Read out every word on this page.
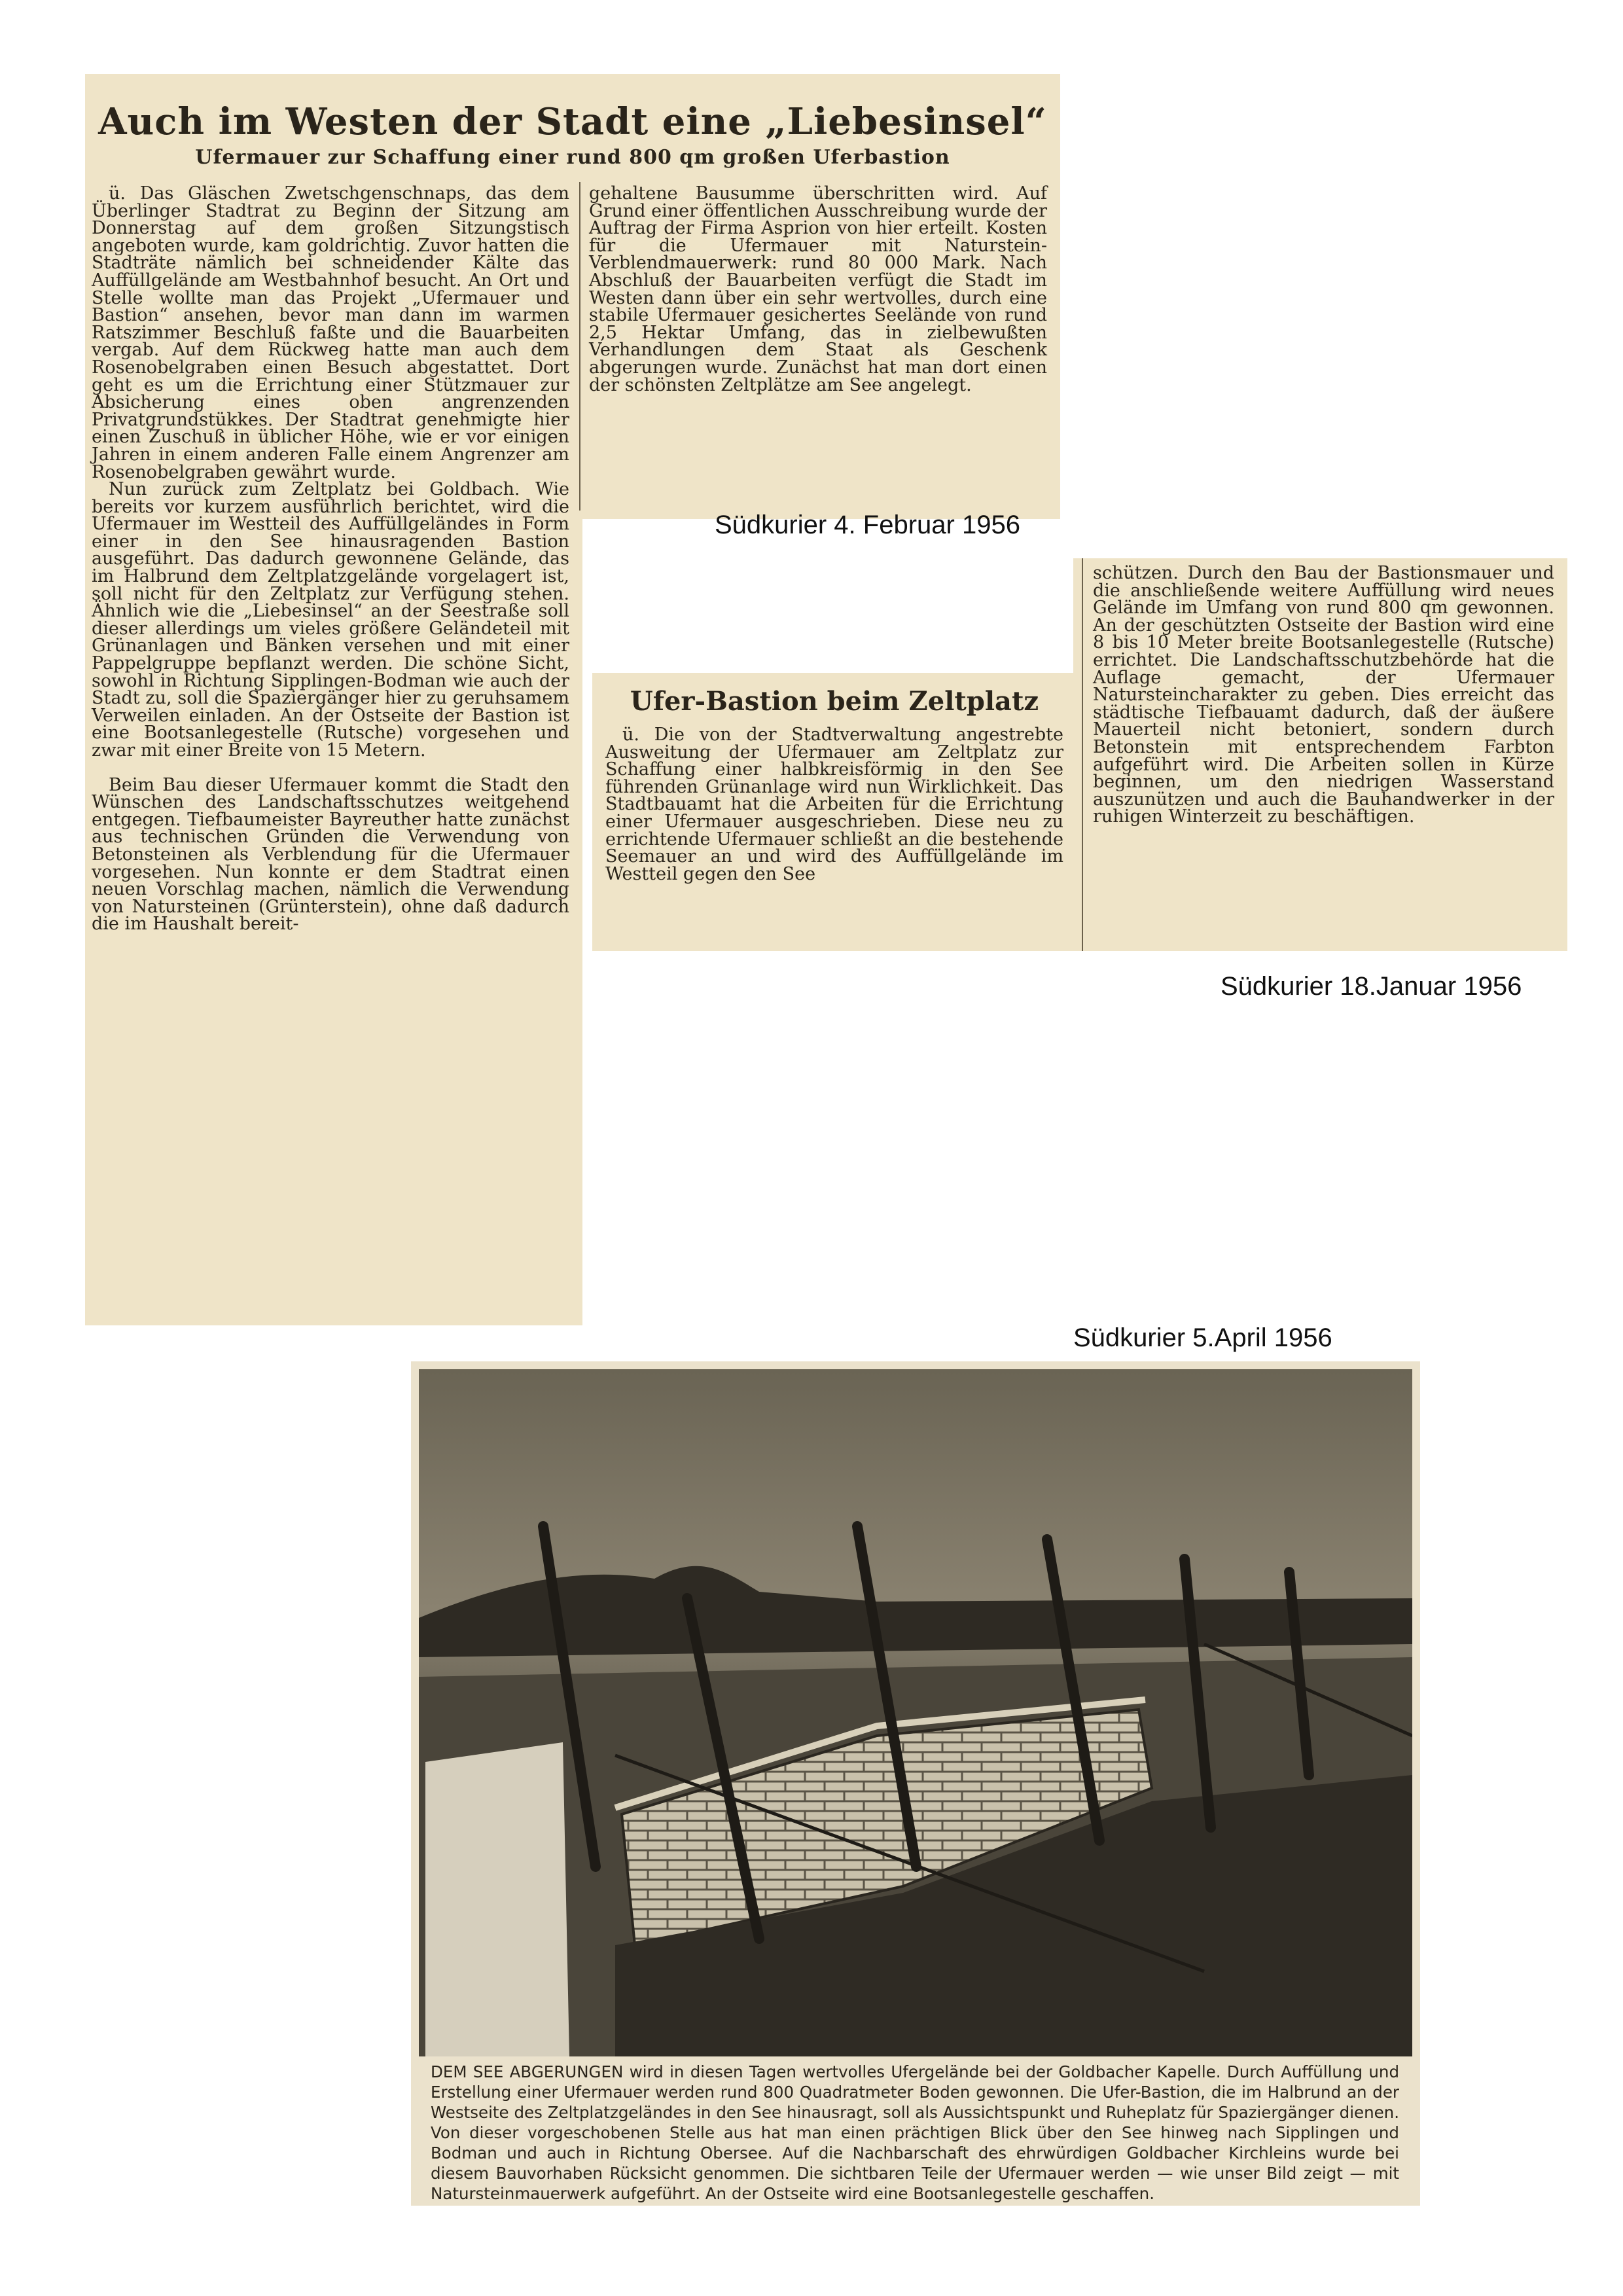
Auch im Westen der Stadt eine „Liebesinsel“
Ufermauer zur Schaffung einer rund 800 qm großen Uferbastion

gehaltene Bausumme überschritten wird. Auf Grund einer öffentlichen Ausschreibung wurde der Auftrag der Firma Asprion von hier erteilt. Kosten für die Ufermauer mit Naturstein-Verblendmauerwerk: rund 80 000 Mark. Nach Abschluß der Bauarbeiten verfügt die Stadt im Westen dann über ein sehr wertvolles, durch eine stabile Ufermauer gesichertes Seelände von rund 2,5 Hektar Umfang, das in zielbewußten Verhandlungen dem Staat als Geschenk abgerungen wurde. Zunächst hat man dort einen der schönsten Zeltplätze am See angelegt.

ü. Das Gläschen Zwetschgenschnaps, das dem Überlinger Stadtrat zu Beginn der Sitzung am Donnerstag auf dem großen Sitzungstisch angeboten wurde, kam goldrichtig. Zuvor hatten die Stadträte nämlich bei schneidender Kälte das Auffüllgelände am Westbahnhof besucht. An Ort und Stelle wollte man das Projekt „Ufermauer und Bastion“ ansehen, bevor man dann im warmen Ratszimmer Beschluß faßte und die Bauarbeiten vergab. Auf dem Rückweg hatte man auch dem Rosenobelgraben einen Besuch abgestattet. Dort geht es um die Errichtung einer Stützmauer zur Absicherung eines oben angrenzenden Privatgrundstükkes. Der Stadtrat genehmigte hier einen Zuschuß in üblicher Höhe, wie er vor einigen Jahren in einem anderen Falle einem Angrenzer am Rosenobelgraben gewährt wurde.

Nun zurück zum Zeltplatz bei Goldbach. Wie bereits vor kurzem ausführlich berichtet, wird die Ufermauer im Westteil des Auffüllgeländes in Form einer in den See hinausragenden Bastion ausgeführt. Das dadurch gewonnene Gelände, das im Halbrund dem Zeltplatzgelände vorgelagert ist, soll nicht für den Zeltplatz zur Verfügung stehen. Ähnlich wie die „Liebesinsel“ an der Seestraße soll dieser allerdings um vieles größere Geländeteil mit Grünanlagen und Bänken versehen und mit einer Pappelgruppe bepflanzt werden. Die schöne Sicht, sowohl in Richtung Sipplingen-Bodman wie auch der Stadt zu, soll die Spaziergänger hier zu geruhsamem Verweilen einladen. An der Ostseite der Bastion ist eine Bootsanlegestelle (Rutsche) vorgesehen und zwar mit einer Breite von 15 Metern.

Beim Bau dieser Ufermauer kommt die Stadt den Wünschen des Landschaftsschutzes weitgehend entgegen. Tiefbaumeister Bayreuther hatte zunächst aus technischen Gründen die Verwendung von Betonsteinen als Verblendung für die Ufermauer vorgesehen. Nun konnte er dem Stadtrat einen neuen Vorschlag machen, nämlich die Verwendung von Natursteinen (Grünterstein), ohne daß dadurch die im Haushalt bereit-

Südkurier 4. Februar 1956
Ufer-Bastion beim Zeltplatz

ü. Die von der Stadtverwaltung angestrebte Ausweitung der Ufermauer am Zeltplatz zur Schaffung einer halbkreisförmig in den See führenden Grünanlage wird nun Wirklichkeit. Das Stadtbauamt hat die Arbeiten für die Errichtung einer Ufermauer ausgeschrieben. Diese neu zu errichtende Ufermauer schließt an die bestehende Seemauer an und wird des Auffüllgelände im Westteil gegen den See

schützen. Durch den Bau der Bastionsmauer und die anschließende weitere Auffüllung wird neues Gelände im Umfang von rund 800 qm gewonnen. An der geschützten Ostseite der Bastion wird eine 8 bis 10 Meter breite Bootsanlegestelle (Rutsche) errichtet. Die Landschaftsschutzbehörde hat die Auflage gemacht, der Ufermauer Natursteincharakter zu geben. Dies erreicht das städtische Tiefbauamt dadurch, daß der äußere Mauerteil nicht betoniert, sondern durch Betonstein mit entsprechendem Farbton aufgeführt wird. Die Arbeiten sollen in Kürze beginnen, um den niedrigen Wasserstand auszunützen und auch die Bauhandwerker in der ruhigen Winterzeit zu beschäftigen.

Südkurier 18.Januar 1956
Südkurier 5.April 1956
DEM SEE ABGERUNGEN wird in diesen Tagen wertvolles Ufergelände bei der Goldbacher Kapelle. Durch Auffüllung und Erstellung einer Ufermauer werden rund 800 Quadratmeter Boden gewonnen. Die Ufer-Bastion, die im Halbrund an der Westseite des Zeltplatzgeländes in den See hinausragt, soll als Aussichtspunkt und Ruheplatz für Spaziergänger dienen. Von dieser vorgeschobenen Stelle aus hat man einen prächtigen Blick über den See hinweg nach Sipplingen und Bodman und auch in Richtung Obersee. Auf die Nachbarschaft des ehrwürdigen Goldbacher Kirchleins wurde bei diesem Bauvorhaben Rücksicht genommen. Die sichtbaren Teile der Ufermauer werden — wie unser Bild zeigt — mit Natursteinmauerwerk aufgeführt. An der Ostseite wird eine Bootsanlegestelle geschaffen.
